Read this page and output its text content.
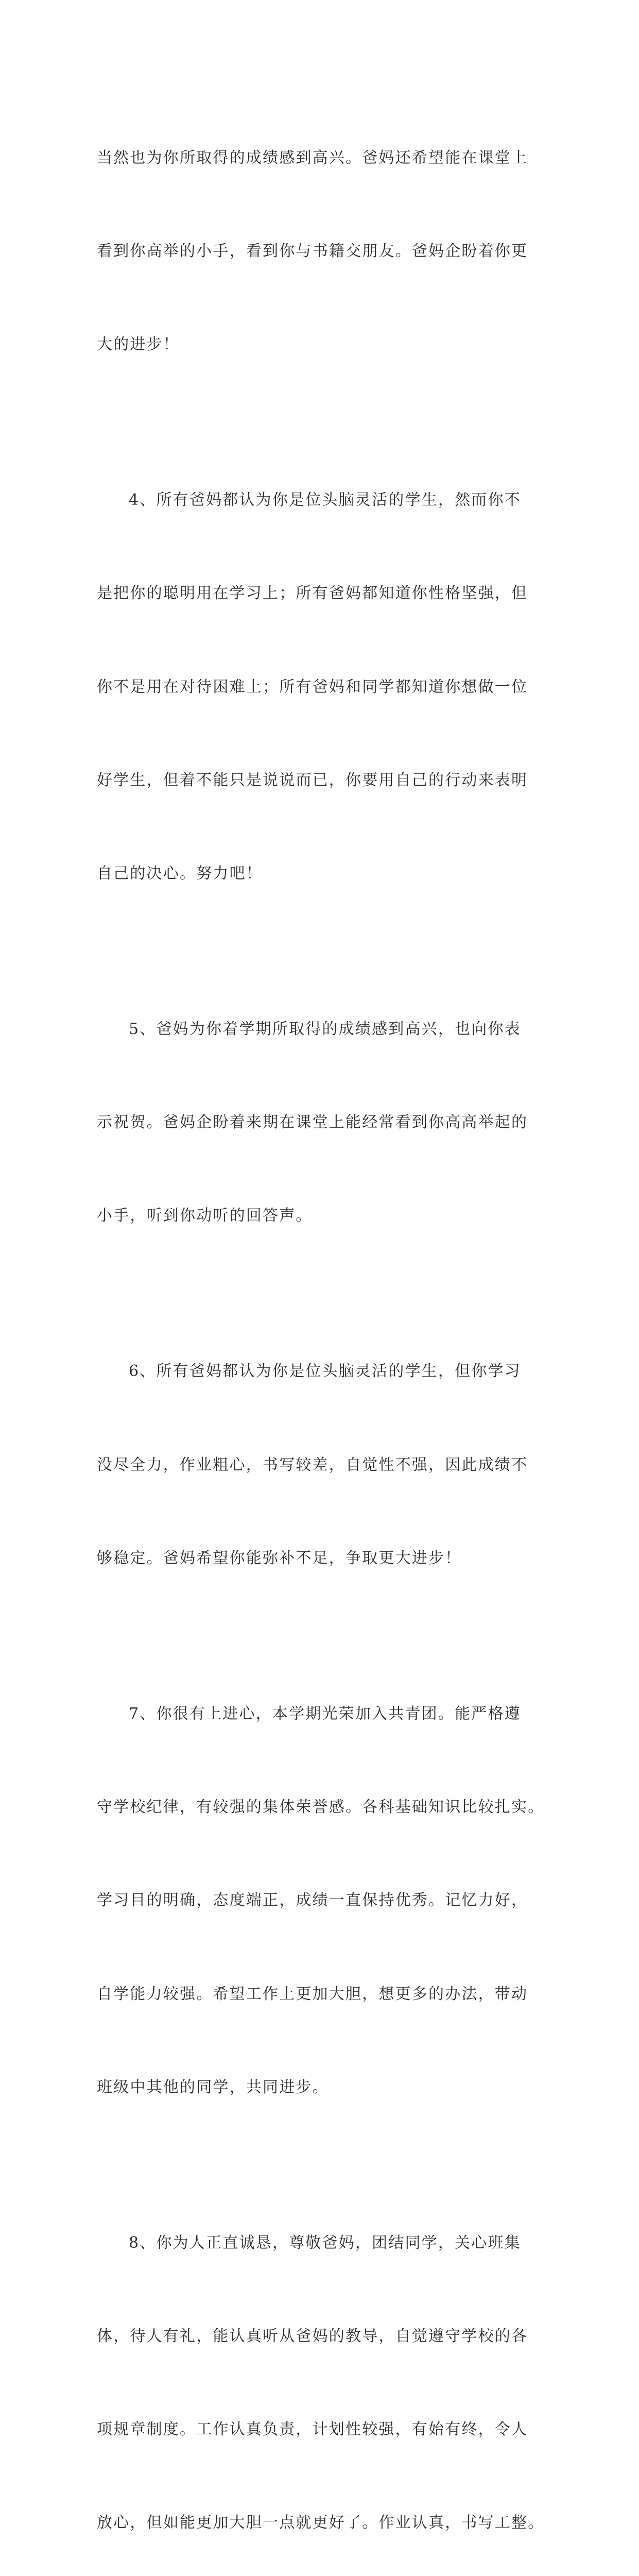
当然也为你所取得的成绩感到高兴。爸妈还希望能在课堂上

看到你高举的小手，看到你与书籍交朋友。爸妈企盼着你更

大的进步！

4、所有爸妈都认为你是位头脑灵活的学生，然而你不

是把你的聪明用在学习上；所有爸妈都知道你性格坚强，但

你不是用在对待困难上；所有爸妈和同学都知道你想做一位

好学生，但着不能只是说说而已，你要用自己的行动来表明

自己的决心。努力吧！

5、爸妈为你着学期所取得的成绩感到高兴，也向你表

示祝贺。爸妈企盼着来期在课堂上能经常看到你高高举起的

小手，听到你动听的回答声。

6、所有爸妈都认为你是位头脑灵活的学生，但你学习

没尽全力，作业粗心，书写较差，自觉性不强，因此成绩不

够稳定。爸妈希望你能弥补不足，争取更大进步！

7、你很有上进心，本学期光荣加入共青团。能严格遵

守学校纪律，有较强的集体荣誉感。各科基础知识比较扎实。

学习目的明确，态度端正，成绩一直保持优秀。记忆力好，

自学能力较强。希望工作上更加大胆，想更多的办法，带动

班级中其他的同学，共同进步。

8、你为人正直诚恳，尊敬爸妈，团结同学，关心班集

体，待人有礼，能认真听从爸妈的教导，自觉遵守学校的各

项规章制度。工作认真负责，计划性较强，有始有终，令人

放心，但如能更加大胆一点就更好了。作业认真，书写工整。
